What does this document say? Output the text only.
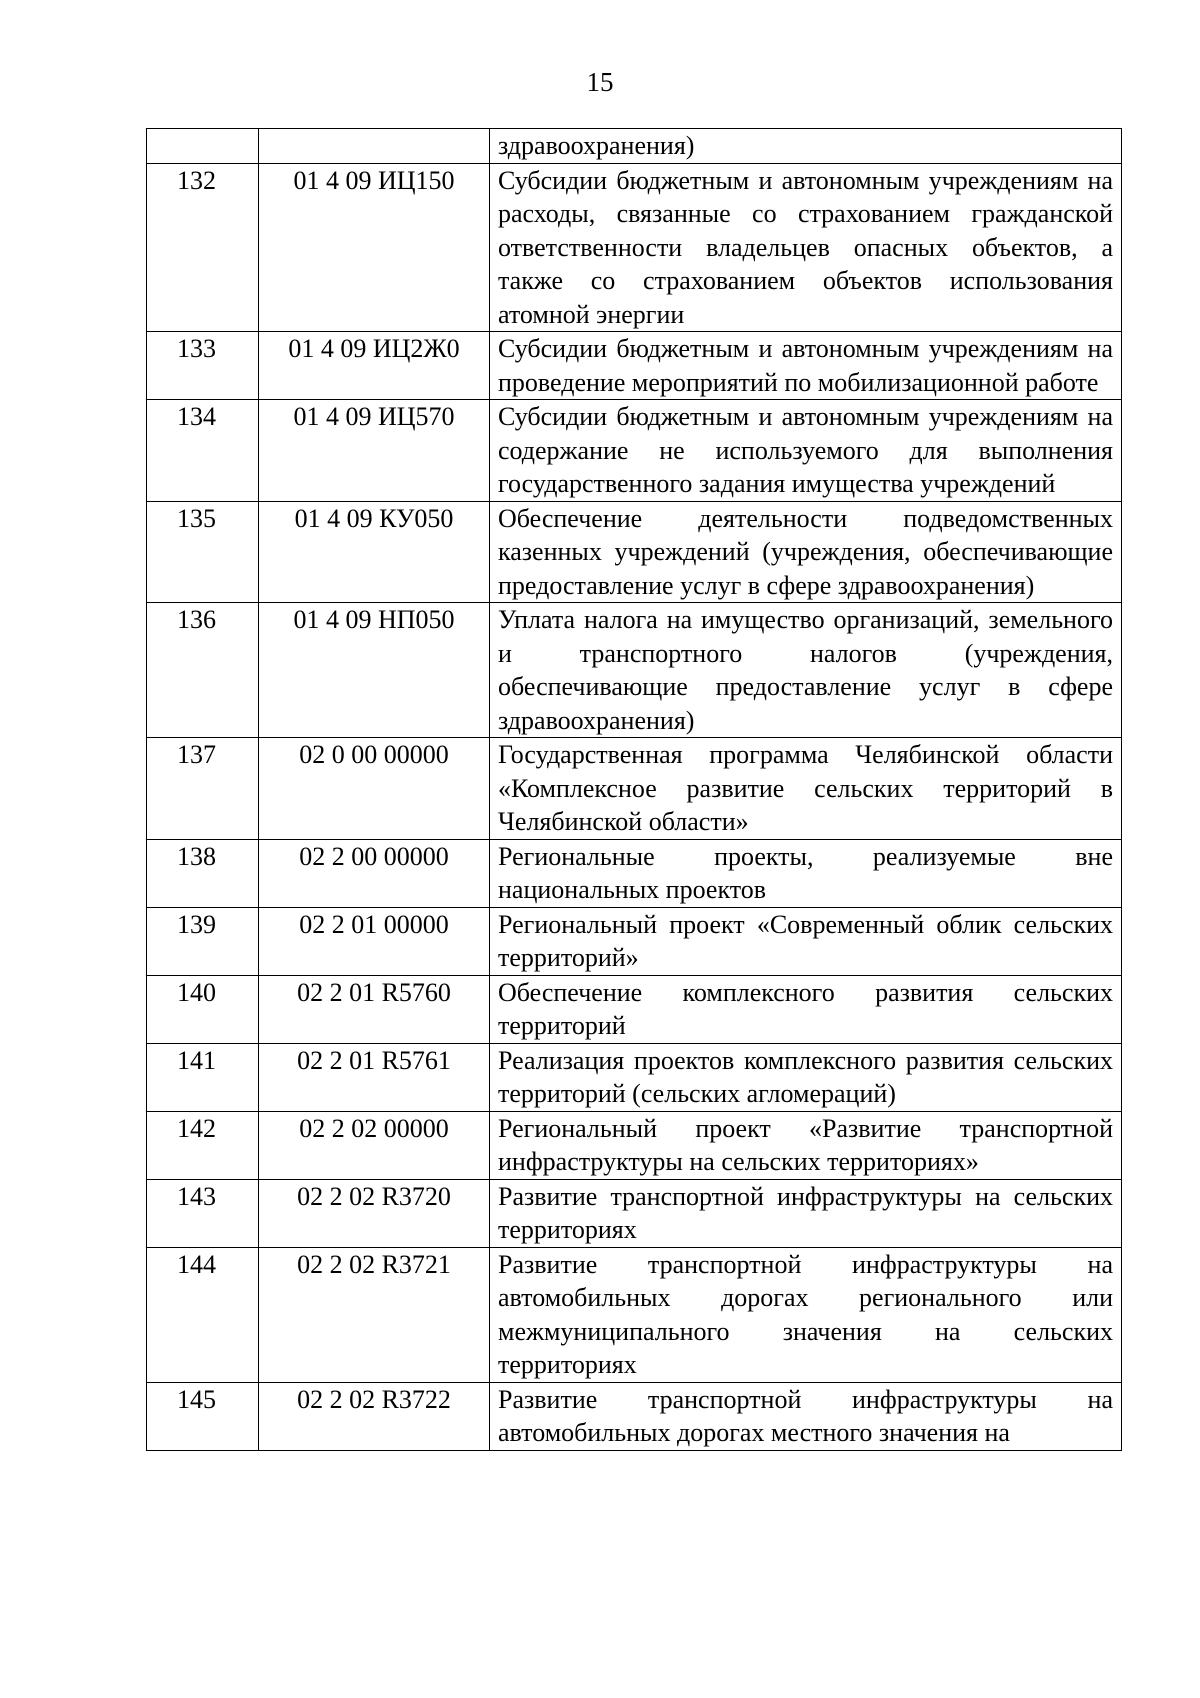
15
		здравоохранения)
132	01 4 09 ИЦ150	Субсидии бюджетным и автономным учреждениям на расходы, связанные со страхованием гражданской ответственности владельцев опасных объектов, а также со страхованием объектов использования атомной энергии
133	01 4 09 ИЦ2Ж0	Субсидии бюджетным и автономным учреждениям на проведение мероприятий по мобилизационной работе
134	01 4 09 ИЦ570	Субсидии бюджетным и автономным учреждениям на содержание не используемого для выполнения государственного задания имущества учреждений
135	01 4 09 КУ050	Обеспечение деятельности подведомственных казенных учреждений (учреждения, обеспечивающие предоставление услуг в сфере здравоохранения)
136	01 4 09 НП050	Уплата налога на имущество организаций, земельного и транспортного налогов (учреждения, обеспечивающие предоставление услуг в сфере здравоохранения)
137	02 0 00 00000	Государственная программа Челябинской области «Комплексное развитие сельских территорий в Челябинской области»
138	02 2 00 00000	Региональные проекты, реализуемые вне национальных проектов
139	02 2 01 00000	Региональный проект «Современный облик сельских территорий»
140	02 2 01 R5760	Обеспечение комплексного развития сельских территорий
141	02 2 01 R5761	Реализация проектов комплексного развития сельских территорий (сельских агломераций)
142	02 2 02 00000	Региональный проект «Развитие транспортной инфраструктуры на сельских территориях»
143	02 2 02 R3720	Развитие транспортной инфраструктуры на сельских территориях
144	02 2 02 R3721	Развитие транспортной инфраструктуры на автомобильных дорогах регионального или межмуниципального значения на сельских территориях
145	02 2 02 R3722	Развитие транспортной инфраструктуры на автомобильных дорогах местного значения на
